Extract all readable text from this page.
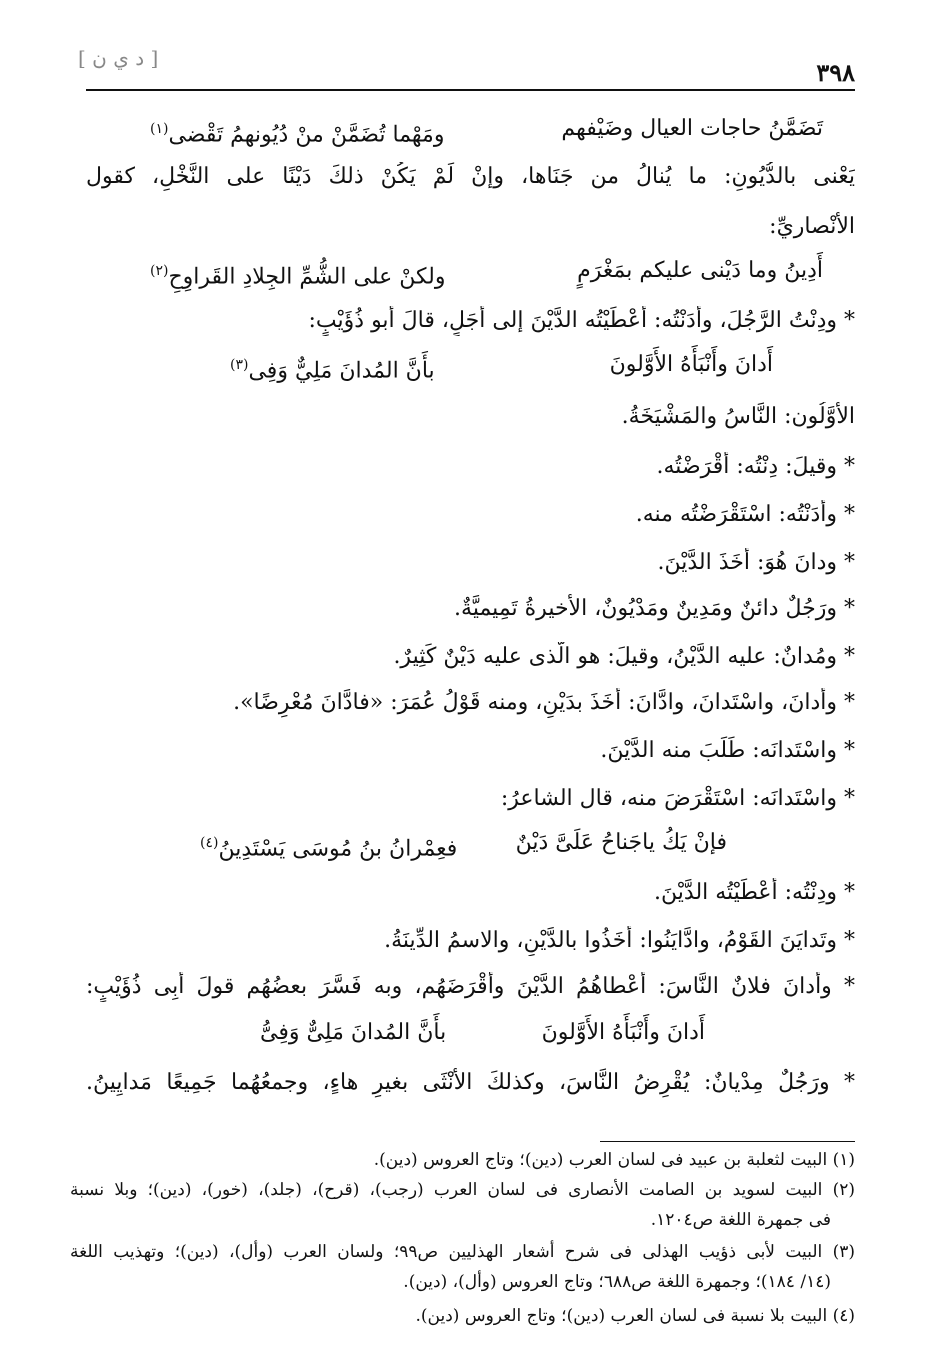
[ د ي ن ]	٣٩٨
تَضَمَّنُ حاجات العيال وضَيْفهم
ومَهْما تُضَمَّنْ منْ دُيُونهمُ تَقْضى$^{(١)}$
يَعْنى بالدُّيُونِ: ما يُنالُ من جَنَاها، وإنْ لَمْ يَكُنْ ذلكَ دَيْنًا على النَّخْلِ، كقول
الأنْصاريِّ:
أَدِينُ وما دَيْنى عليكم بمَغْرَمٍ
ولكنْ على الشُّمِّ الجِلادِ القَراوِحِ$^{(٢)}$
* ودِنْتُ الرَّجُلَ، وأَدَنْتُه: أَعْطَيْتُه الدَّيْنَ إلى أَجَلٍ، قالَ أبو ذُؤَيْبٍ:
أَدانَ وأَنْبَأَهُ الأَوَّلونَ
بأَنَّ المُدانَ مَلِيٌّ وَفِى$^{(٣)}$
الأَوَّلُون: النَّاسُ والمَشْيَخَةُ.
* وقيلَ: دِنْتُه: أَقْرَضْتُه.
* وأَدَنْتُه: اسْتَقْرَضْتُه منه.
* ودانَ هُوَ: أَخَذَ الدَّيْنَ.
* ورَجُلٌ دائنٌ ومَدِينٌ ومَدْيُونٌ، الأخيرةُ تَمِيميَّةٌ.
* ومُدانٌ: عليه الدَّيْنُ، وقيلَ: هو الَّذى عليه دَيْنٌ كَثِيرٌ.
* وأَدانَ، واسْتَدانَ، وادَّانَ: أَخَذَ بدَيْنٍ، ومنه قَوْلُ عُمَرَ: «فادَّانَ مُعْرِضًا».
* واسْتَدانَه: طَلَبَ منه الدَّيْنَ.
* واسْتَدانَه: اسْتَقْرَضَ منه، قال الشاعرُ:
فإنْ يَكُ ياجَناحُ عَلَىَّ دَيْنٌ
فعِمْرانُ بنُ مُوسَى يَسْتَدِينُ$^{(٤)}$
* ودِنْتُه: أَعْطَيْتُه الدَّيْنَ.
* وتَدايَنَ القَوْمُ، وادَّايَنُوا: أَخَذُوا بالدَّيْنِ، والاسمُ الدِّينَةُ.
* وأَدانَ فلانٌ النَّاسَ: أَعْطاهُمُ الدَّيْنَ وأَقْرَضَهُم، وبه فَسَّرَ بعضُهُم قولَ أَبِى ذُؤَيْبٍ:
أَدانَ وأَنْبَأَهُ الأَوَّلونَ
بأَنَّ المُدانَ مَلِىٌّ وَفِىُّ
* ورَجُلٌ مِدْيانٌ: يُقْرِضُ النَّاسَ، وكذلكَ الأُنْثَى بغيرِ هاءٍ، وجمعُهُما جَمِيعًا مَدايِينُ.
(١) البيت لثعلبة بن عبيد فى لسان العرب (دين)؛ وتاج العروس (دين).
(٢) البيت لسويد بن الصامت الأنصارى فى لسان العرب (رجب)، (قرح)، (جلد)، (خور)، (دين)؛ وبلا نسبة
فى جمهرة اللغة ص١٢٠٤.
(٣) البيت لأبى ذؤيب الهذلى فى شرح أشعار الهذليين ص٩٩؛ ولسان العرب (وأل)، (دين)؛ وتهذيب اللغة
(١٤/ ١٨٤)؛ وجمهرة اللغة ص٦٨٨؛ وتاج العروس (وأل)، (دين).
(٤) البيت بلا نسبة فى لسان العرب (دين)؛ وتاج العروس (دين).
